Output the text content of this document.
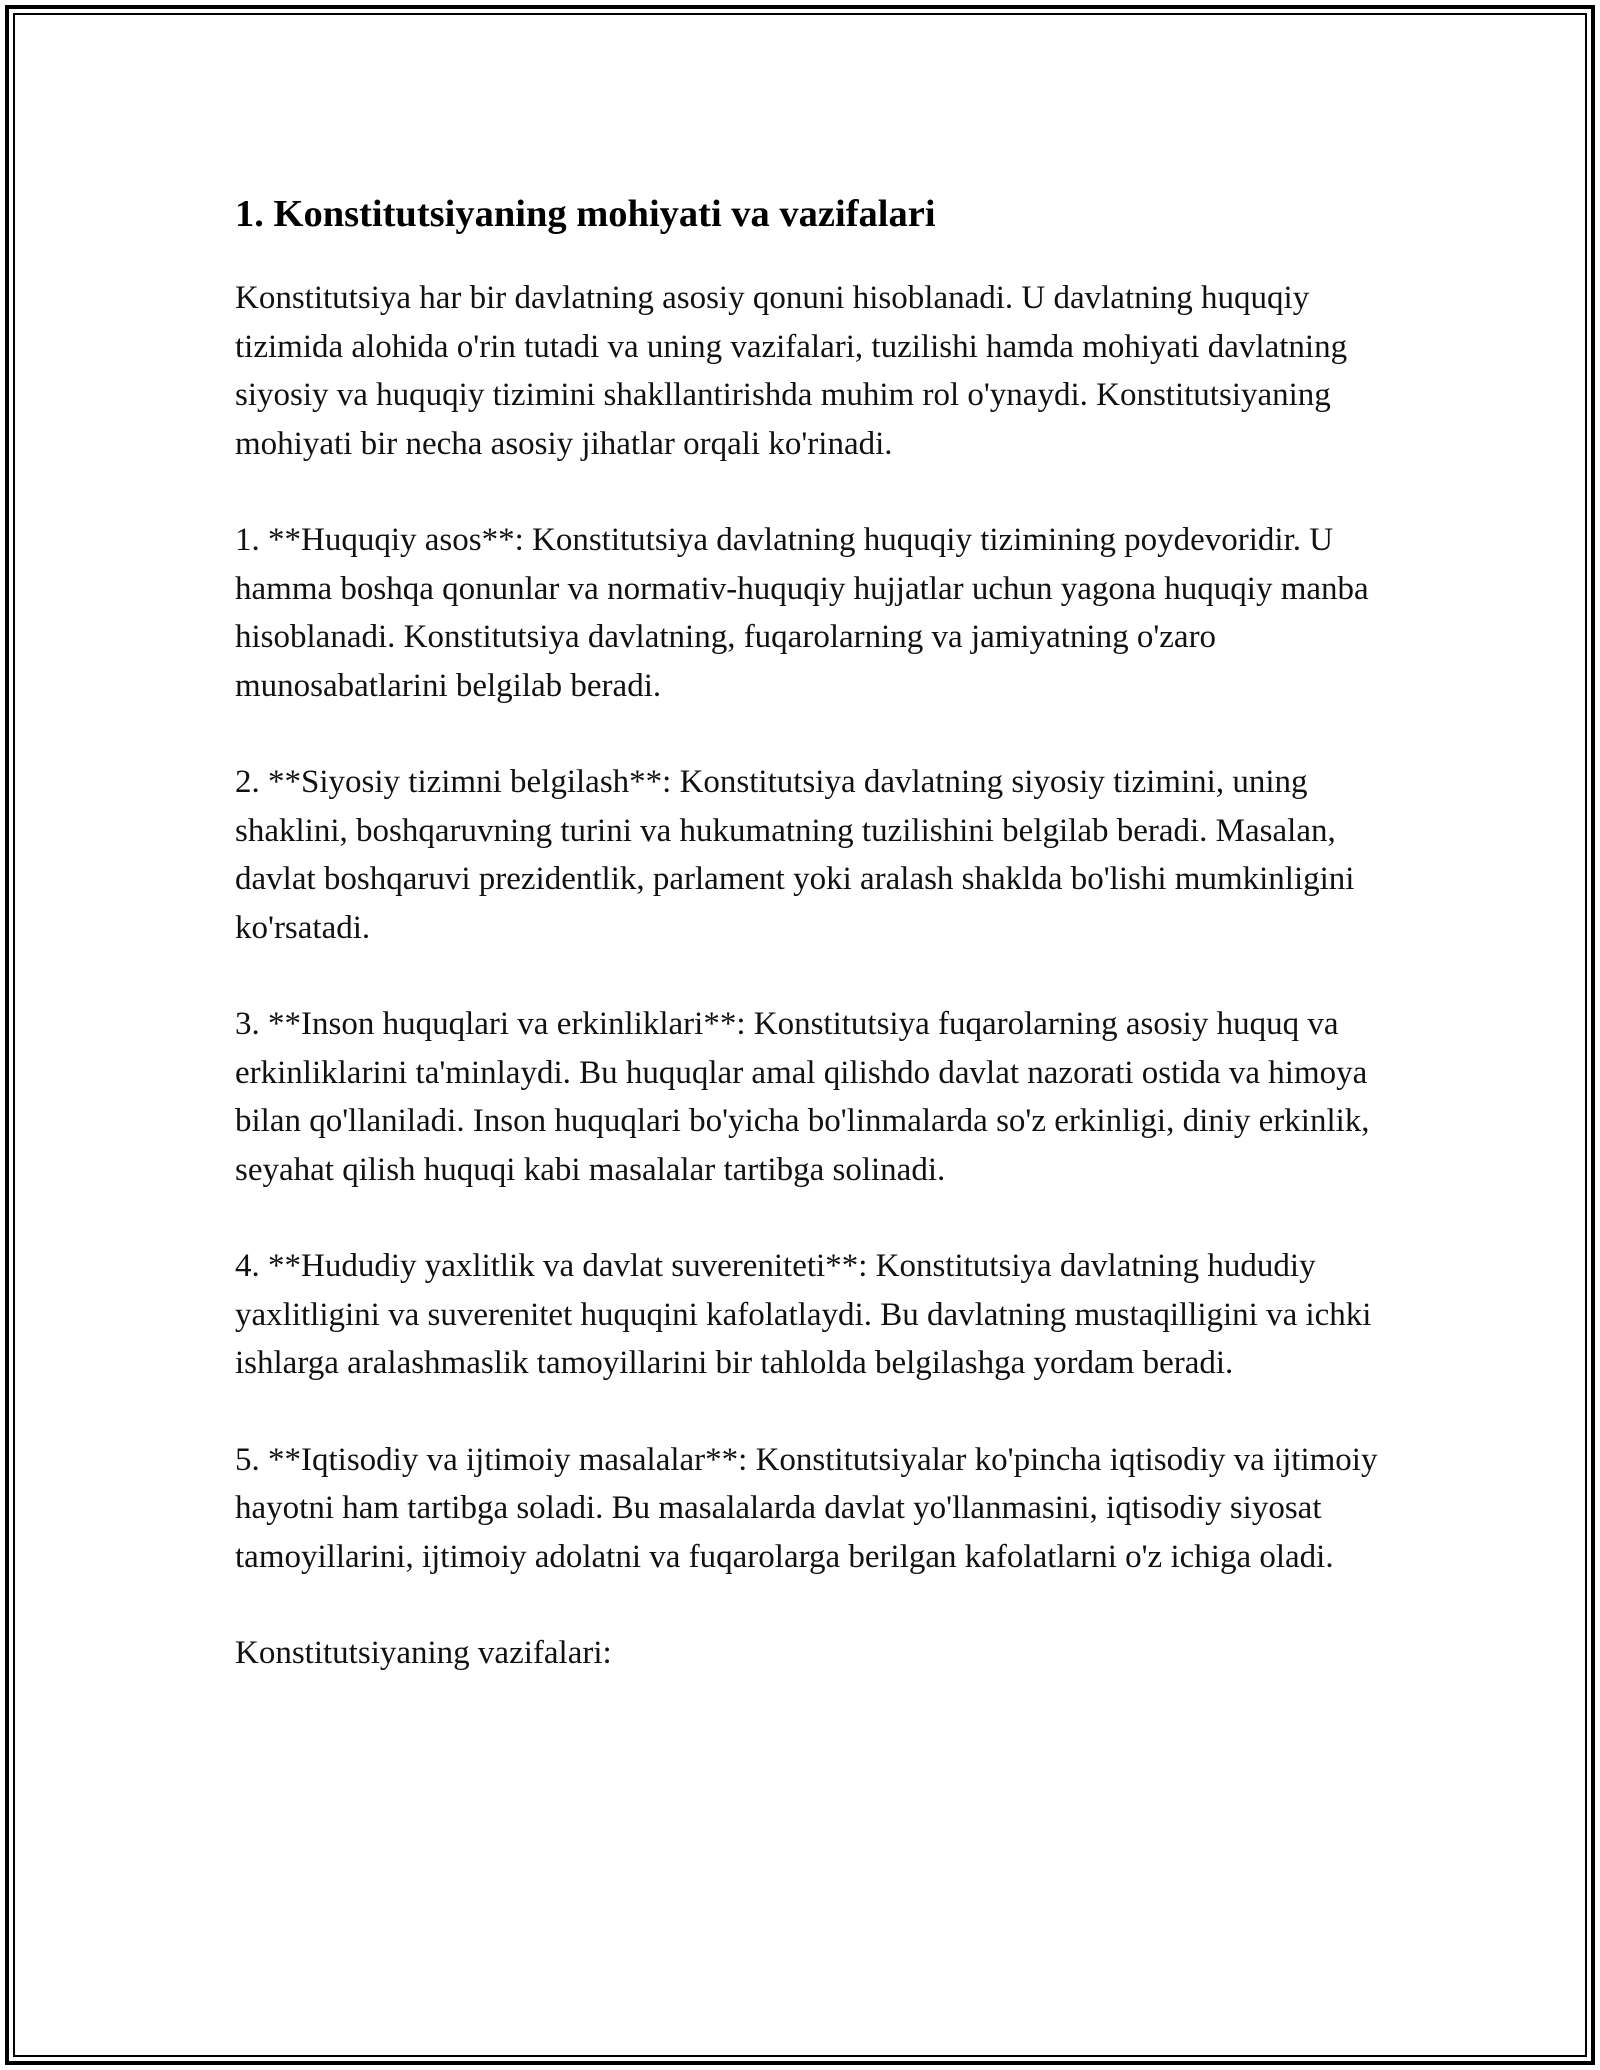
1. Konstitutsiyaning mohiyati va vazifalari

Konstitutsiya har bir davlatning asosiy qonuni hisoblanadi. U davlatning huquqiy tizimida alohida o'rin tutadi va uning vazifalari, tuzilishi hamda mohiyati davlatning siyosiy va huquqiy tizimini shakllantirishda muhim rol o'ynaydi. Konstitutsiyaning mohiyati bir necha asosiy jihatlar orqali ko'rinadi.

1. **Huquqiy asos**: Konstitutsiya davlatning huquqiy tizimining poydevoridir. U hamma boshqa qonunlar va normativ-huquqiy hujjatlar uchun yagona huquqiy manba hisoblanadi. Konstitutsiya davlatning, fuqarolarning va jamiyatning o'zaro munosabatlarini belgilab beradi.

2. **Siyosiy tizimni belgilash**: Konstitutsiya davlatning siyosiy tizimini, uning shaklini, boshqaruvning turini va hukumatning tuzilishini belgilab beradi. Masalan, davlat boshqaruvi prezidentlik, parlament yoki aralash shaklda bo'lishi mumkinligini ko'rsatadi.

3. **Inson huquqlari va erkinliklari**: Konstitutsiya fuqarolarning asosiy huquq va erkinliklarini ta'minlaydi. Bu huquqlar amal qilishdo davlat nazorati ostida va himoya bilan qo'llaniladi. Inson huquqlari bo'yicha bo'linmalarda so'z erkinligi, diniy erkinlik, seyahat qilish huquqi kabi masalalar tartibga solinadi.

4. **Hududiy yaxlitlik va davlat suvereniteti**: Konstitutsiya davlatning hududiy yaxlitligini va suverenitet huquqini kafolatlaydi. Bu davlatning mustaqilligini va ichki ishlarga aralashmaslik tamoyillarini bir tahlolda belgilashga yordam beradi.

5. **Iqtisodiy va ijtimoiy masalalar**: Konstitutsiyalar ko'pincha iqtisodiy va ijtimoiy hayotni ham tartibga soladi. Bu masalalarda davlat yo'llanmasini, iqtisodiy siyosat tamoyillarini, ijtimoiy adolatni va fuqarolarga berilgan kafolatlarni o'z ichiga oladi.

Konstitutsiyaning vazifalari:
